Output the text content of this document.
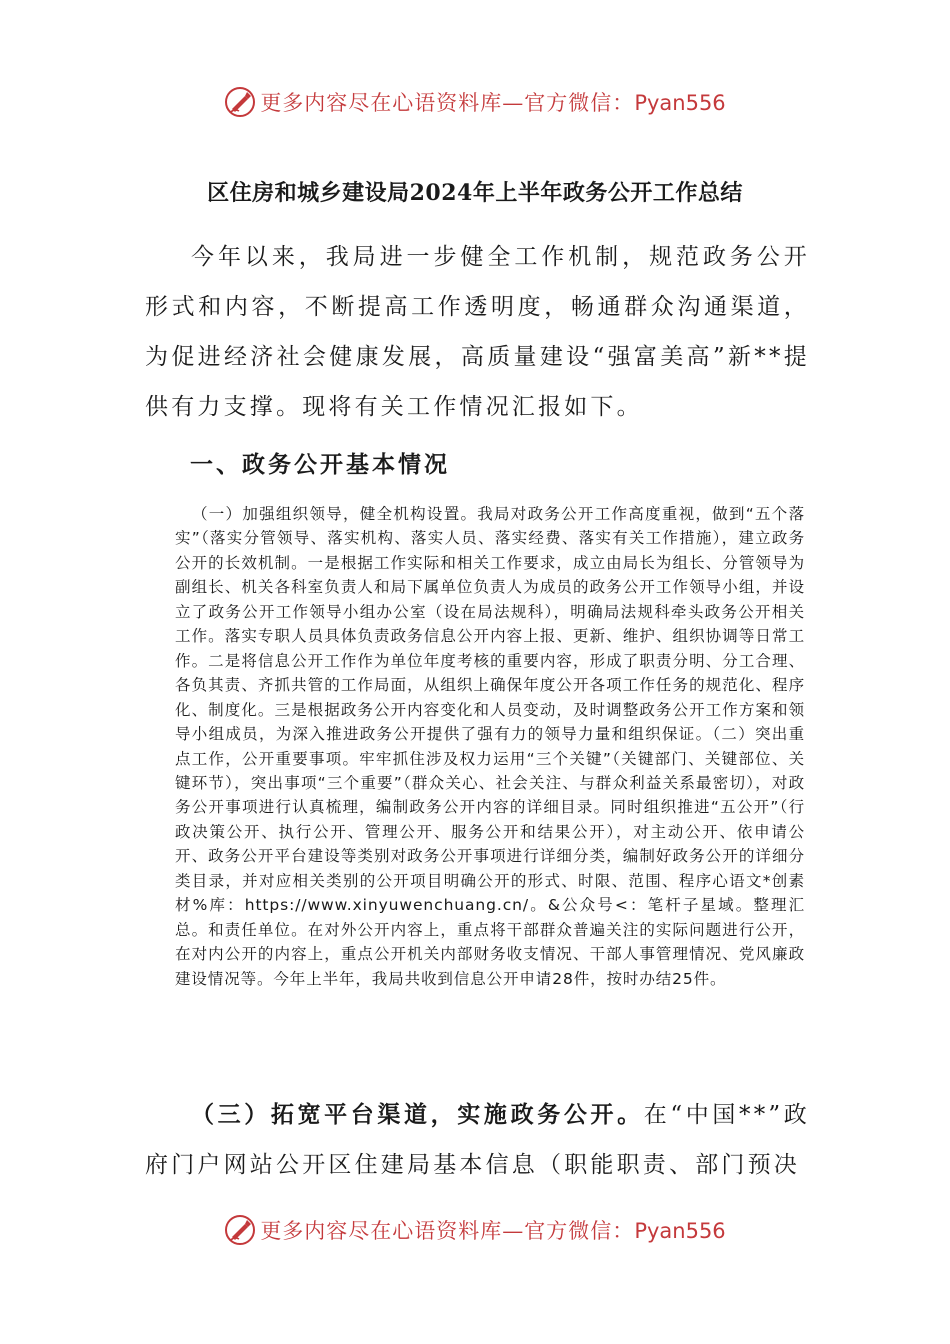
更多内容尽在心语资料库—官方微信：Pyan556
区住房和城乡建设局2024年上半年政务公开工作总结

今年以来，我局进一步健全工作机制，规范政务公开形式和内容，不断提高工作透明度，畅通群众沟通渠道，为促进经济社会健康发展，高质量建设“强富美高”新**提供有力支撑。现将有关工作情况汇报如下。

一、政务公开基本情况

（一）加强组织领导，健全机构设置。我局对政务公开工作高度重视，做到“五个落实”（落实分管领导、落实机构、落实人员、落实经费、落实有关工作措施），建立政务公开的长效机制。一是根据工作实际和相关工作要求，成立由局长为组长、分管领导为副组长、机关各科室负责人和局下属单位负责人为成员的政务公开工作领导小组，并设立了政务公开工作领导小组办公室（设在局法规科），明确局法规科牵头政务公开相关工作。落实专职人员具体负责政务信息公开内容上报、更新、维护、组织协调等日常工作。二是将信息公开工作作为单位年度考核的重要内容，形成了职责分明、分工合理、各负其责、齐抓共管的工作局面，从组织上确保年度公开各项工作任务的规范化、程序化、制度化。三是根据政务公开内容变化和人员变动，及时调整政务公开工作方案和领导小组成员，为深入推进政务公开提供了强有力的领导力量和组织保证。（二）突出重点工作，公开重要事项。牢牢抓住涉及权力运用“三个关键”（关键部门、关键部位、关键环节），突出事项“三个重要”（群众关心、社会关注、与群众利益关系最密切），对政务公开事项进行认真梳理，编制政务公开内容的详细目录。同时组织推进“五公开”（行政决策公开、执行公开、管理公开、服务公开和结果公开），对主动公开、依申请公开、政务公开平台建设等类别对政务公开事项进行详细分类，编制好政务公开的详细分类目录，并对应相关类别的公开项目明确公开的形式、时限、范围、程序心语文*创素材%库：https://www.xinyuwenchuang.cn/。&公众号<：笔杆子星域。整理汇总。和责任单位。在对外公开内容上，重点将干部群众普遍关注的实际问题进行公开，在对内公开的内容上，重点公开机关内部财务收支情况、干部人事管理情况、党风廉政建设情况等。今年上半年，我局共收到信息公开申请28件，按时办结25件。

（三）拓宽平台渠道，实施政务公开。在“中国**”政府门户网站公开区住建局基本信息（职能职责、部门预决

更多内容尽在心语资料库—官方微信：Pyan556
